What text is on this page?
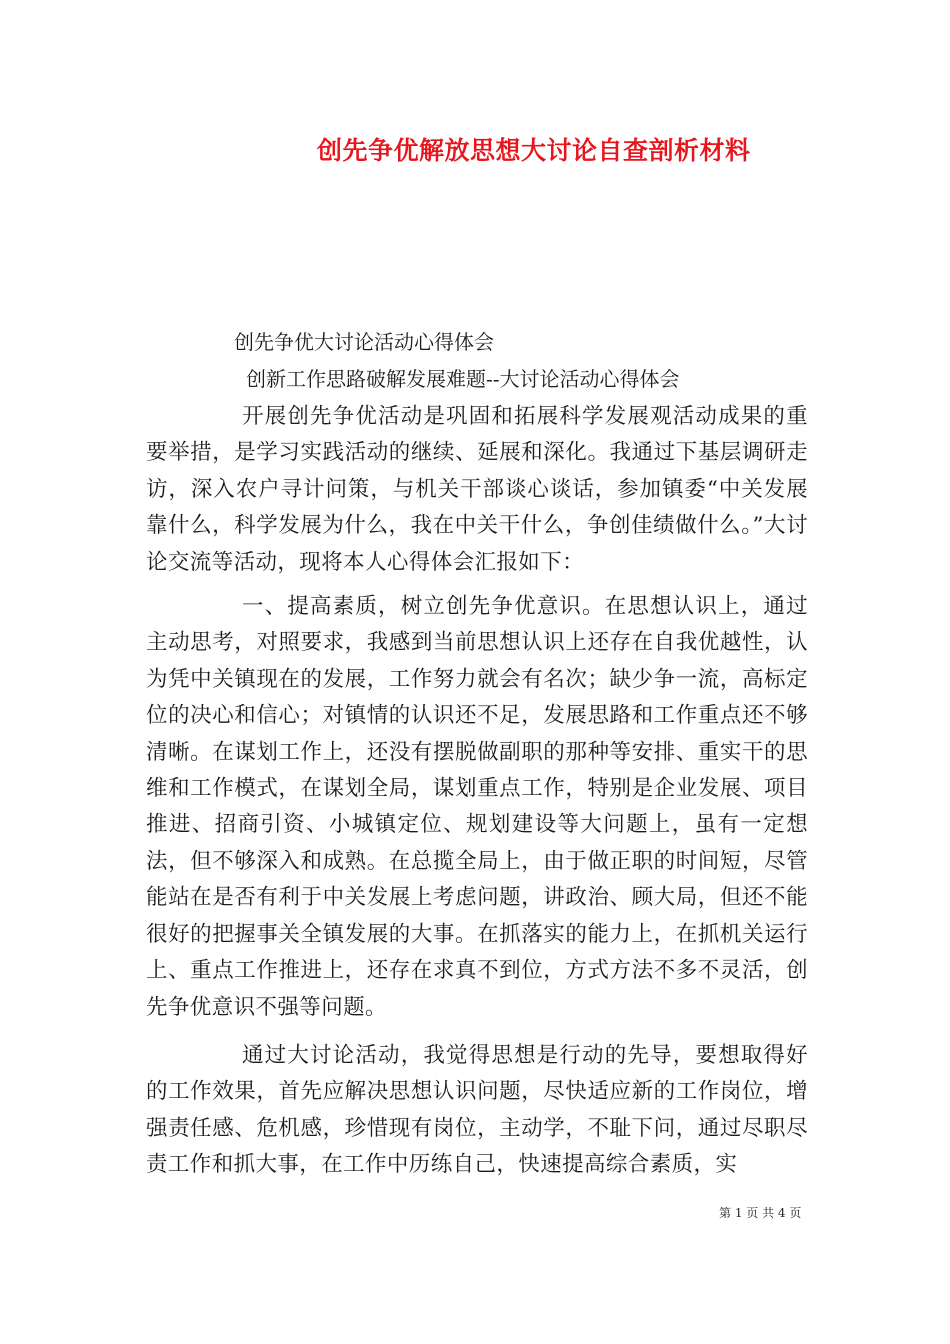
创先争优解放思想大讨论自查剖析材料
创先争优大讨论活动心得体会
创新工作思路破解发展难题--大讨论活动心得体会

开展创先争优活动是巩固和拓展科学发展观活动成果的重要举措，是学习实践活动的继续、延展和深化。我通过下基层调研走访，深入农户寻计问策，与机关干部谈心谈话，参加镇委“中关发展靠什么，科学发展为什么，我在中关干什么，争创佳绩做什么。”大讨论交流等活动，现将本人心得体会汇报如下：

一、提高素质，树立创先争优意识。在思想认识上，通过主动思考，对照要求，我感到当前思想认识上还存在自我优越性，认为凭中关镇现在的发展，工作努力就会有名次；缺少争一流，高标定位的决心和信心；对镇情的认识还不足，发展思路和工作重点还不够清晰。在谋划工作上，还没有摆脱做副职的那种等安排、重实干的思维和工作模式，在谋划全局，谋划重点工作，特别是企业发展、项目推进、招商引资、小城镇定位、规划建设等大问题上，虽有一定想法，但不够深入和成熟。在总揽全局上，由于做正职的时间短，尽管能站在是否有利于中关发展上考虑问题，讲政治、顾大局，但还不能很好的把握事关全镇发展的大事。在抓落实的能力上，在抓机关运行上、重点工作推进上，还存在求真不到位，方式方法不多不灵活，创先争优意识不强等问题。

通过大讨论活动，我觉得思想是行动的先导，要想取得好的工作效果，首先应解决思想认识问题，尽快适应新的工作岗位，增强责任感、危机感，珍惜现有岗位，主动学，不耻下问，通过尽职尽责工作和抓大事，在工作中历练自己，快速提高综合素质，实

第 1 页 共 4 页
